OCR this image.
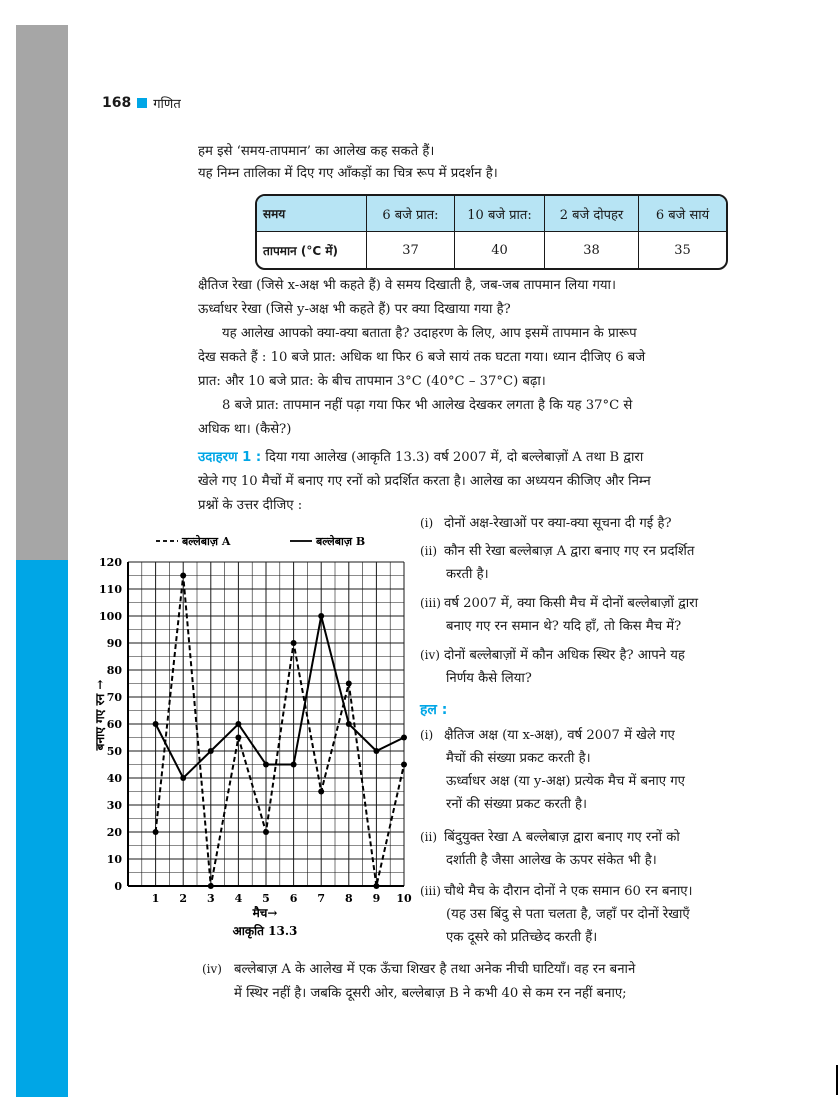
168 गणित
हम इसे ‘समय-तापमान’ का आलेख कह सकते हैं।
यह निम्न तालिका में दिए गए आँकड़ों का चित्र रूप में प्रदर्शन है।
समय	6 बजे प्रात:	10 बजे प्रात:	2 बजे दोपहर	6 बजे सायं
तापमान (°C में)	37	40	38	35
क्षैतिज रेखा (जिसे x-अक्ष भी कहते हैं) वे समय दिखाती है, जब-जब तापमान लिया गया।
ऊर्ध्वाधर रेखा (जिसे y-अक्ष भी कहते हैं) पर क्या दिखाया गया है?
यह आलेख आपको क्या-क्या बताता है? उदाहरण के लिए, आप इसमें तापमान के प्रारूप
देख सकते हैं : 10 बजे प्रात: अधिक था फिर 6 बजे सायं तक घटता गया। ध्यान दीजिए 6 बजे
प्रात: और 10 बजे प्रात: के बीच तापमान 3°C (40°C – 37°C) बढ़ा।
8 बजे प्रात: तापमान नहीं पढ़ा गया फिर भी आलेख देखकर लगता है कि यह 37°C से
अधिक था। (कैसे?)
उदाहरण 1 : दिया गया आलेख (आकृति 13.3) वर्ष 2007 में, दो बल्लेबाज़ों A तथा B द्वारा
खेले गए 10 मैचों में बनाए गए रनों को प्रदर्शित करता है। आलेख का अध्ययन कीजिए और निम्न
प्रश्नों के उत्तर दीजिए :
0
10
20
30
40
50
60
70
80
90
100
110
120
1 2 3 4 5 6 7 8 9 10
बल्लेबाज़ A	बल्लेबाज़ B
बनाए गए रन →
मैच→
आकृति 13.3
(i) दोनों अक्ष-रेखाओं पर क्या-क्या सूचना दी गई है?
(ii) कौन सी रेखा बल्लेबाज़ A द्वारा बनाए गए रन प्रदर्शित
करती है।
(iii) वर्ष 2007 में, क्या किसी मैच में दोनों बल्लेबाज़ों द्वारा
बनाए गए रन समान थे? यदि हाँ, तो किस मैच में?
(iv) दोनों बल्लेबाज़ों में कौन अधिक स्थिर है? आपने यह
निर्णय कैसे लिया?
हल :
(i) क्षैतिज अक्ष (या x-अक्ष), वर्ष 2007 में खेले गए
मैचों की संख्या प्रकट करती है।
ऊर्ध्वाधर अक्ष (या y-अक्ष) प्रत्येक मैच में बनाए गए
रनों की संख्या प्रकट करती है।
(ii) बिंदुयुक्त रेखा A बल्लेबाज़ द्वारा बनाए गए रनों को
दर्शाती है जैसा आलेख के ऊपर संकेत भी है।
(iii) चौथे मैच के दौरान दोनों ने एक समान 60 रन बनाए।
(यह उस बिंदु से पता चलता है, जहाँ पर दोनों रेखाएँ
एक दूसरे को प्रतिच्छेद करती हैं।
(iv) बल्लेबाज़ A के आलेख में एक ऊँचा शिखर है तथा अनेक नीची घाटियाँ। वह रन बनाने
में स्थिर नहीं है। जबकि दूसरी ओर, बल्लेबाज़ B ने कभी 40 से कम रन नहीं बनाए;
